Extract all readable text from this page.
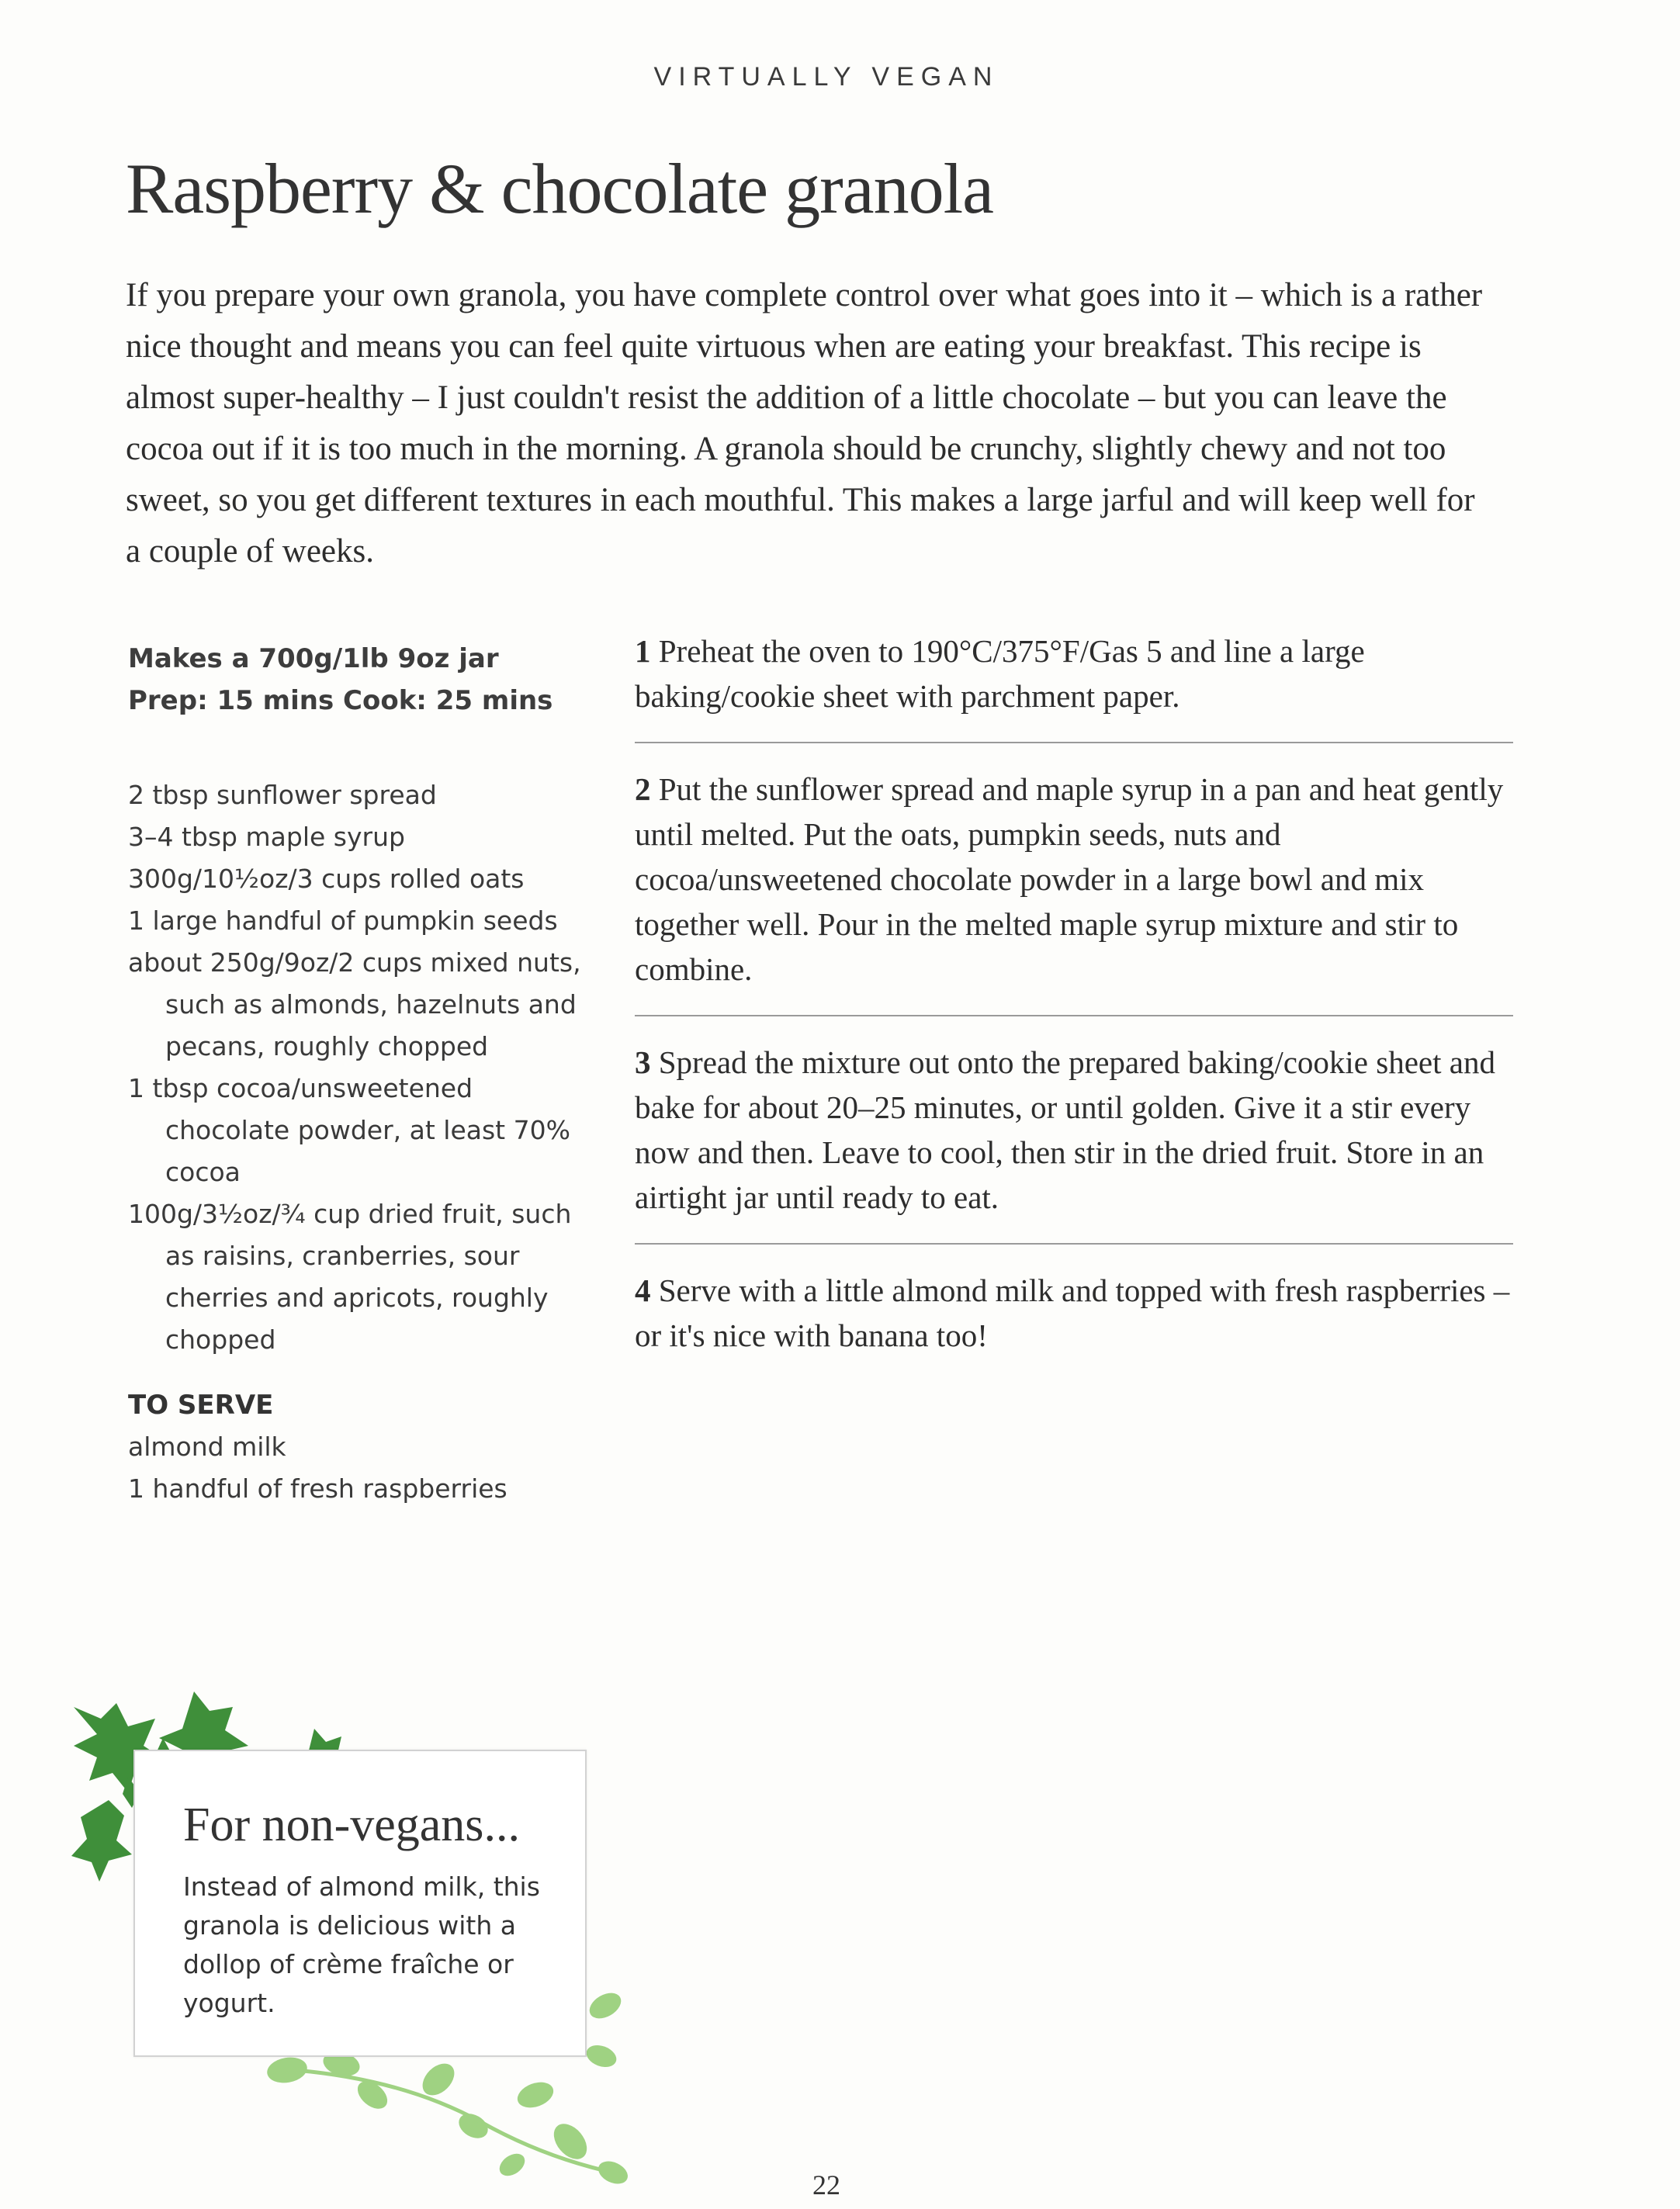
VIRTUALLY VEGAN
Raspberry & chocolate granola

If you prepare your own granola, you have complete control over what goes into it – which is a rather nice thought and means you can feel quite virtuous when are eating your breakfast. This recipe is almost super-healthy – I just couldn't resist the addition of a little chocolate – but you can leave the cocoa out if it is too much in the morning. A granola should be crunchy, slightly chewy and not too sweet, so you get different textures in each mouthful. This makes a large jarful and will keep well for a couple of weeks.

Makes a 700g/1lb 9oz jar
Prep: 15 mins Cook: 25 mins
2 tbsp sunflower spread
3–4 tbsp maple syrup
300g/10½oz/3 cups rolled oats
1 large handful of pumpkin seeds
about 250g/9oz/2 cups mixed nuts, such as almonds, hazelnuts and pecans, roughly chopped
1 tbsp cocoa/unsweetened chocolate powder, at least 70% cocoa
100g/3½oz/¾ cup dried fruit, such as raisins, cranberries, sour cherries and apricots, roughly chopped
TO SERVE
almond milk
1 handful of fresh raspberries
1 Preheat the oven to 190°C/375°F/Gas 5 and line a large baking/cookie sheet with parchment paper.
2 Put the sunflower spread and maple syrup in a pan and heat gently until melted. Put the oats, pumpkin seeds, nuts and cocoa/unsweetened chocolate powder in a large bowl and mix together well. Pour in the melted maple syrup mixture and stir to combine.
3 Spread the mixture out onto the prepared baking/cookie sheet and bake for about 20–25 minutes, or until golden. Give it a stir every now and then. Leave to cool, then stir in the dried fruit. Store in an airtight jar until ready to eat.
4 Serve with a little almond milk and topped with fresh raspberries – or it's nice with banana too!
For non-vegans...
Instead of almond milk, this granola is delicious with a dollop of crème fraîche or yogurt.
22
